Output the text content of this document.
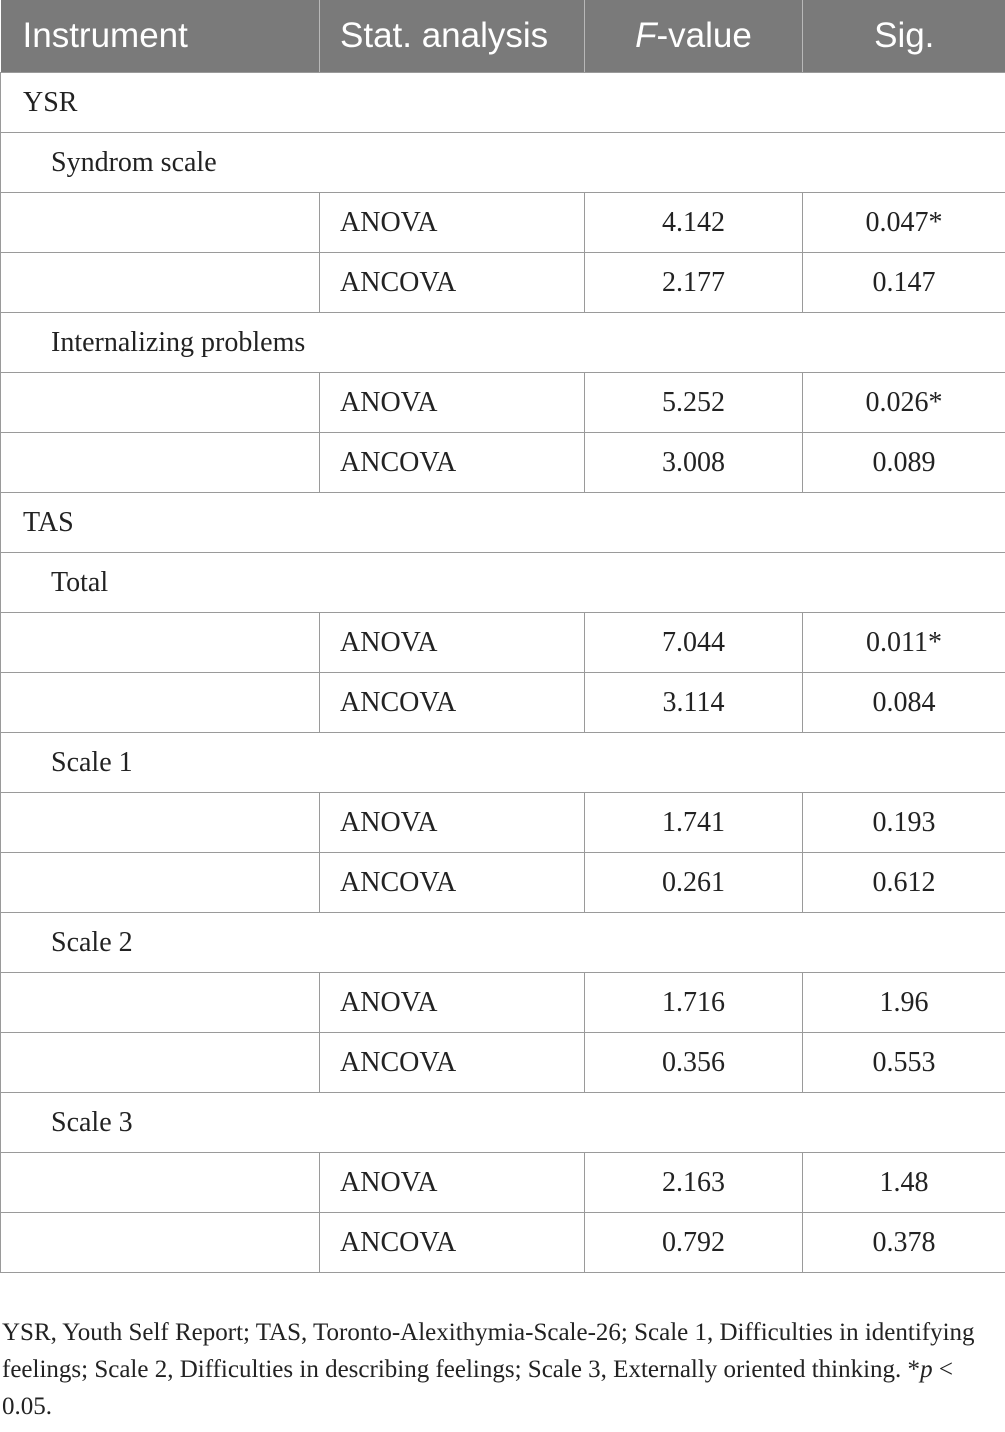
Instrument	Stat. analysis	F-value	Sig.
YSR			
Syndrom scale			
	ANOVA	4.142	0.047*
	ANCOVA	2.177	0.147
Internalizing problems			
	ANOVA	5.252	0.026*
	ANCOVA	3.008	0.089
TAS			
Total			
	ANOVA	7.044	0.011*
	ANCOVA	3.114	0.084
Scale 1			
	ANOVA	1.741	0.193
	ANCOVA	0.261	0.612
Scale 2			
	ANOVA	1.716	1.96
	ANCOVA	0.356	0.553
Scale 3			
	ANOVA	2.163	1.48
	ANCOVA	0.792	0.378
YSR, Youth Self Report; TAS, Toronto-Alexithymia-Scale-26; Scale 1, Difficulties in identifying feelings; Scale 2, Difficulties in describing feelings; Scale 3, Externally oriented thinking. *p < 0.05.
